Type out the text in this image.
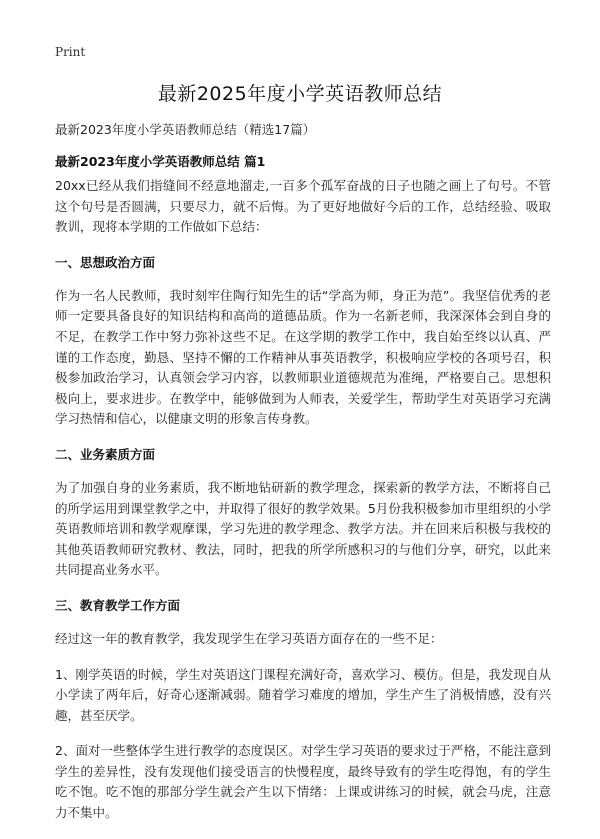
Print
最新2025年度小学英语教师总结
最新2023年度小学英语教师总结（精选17篇）
最新2023年度小学英语教师总结 篇1

20xx已经从我们指缝间不经意地溜走,一百多个孤军奋战的日子也随之画上了句号。不管这个句号是否圆满，只要尽力，就不后悔。为了更好地做好今后的工作，总结经验、吸取教训，现将本学期的工作做如下总结：

一、思想政治方面

作为一名人民教师，我时刻牢住陶行知先生的话“学高为师，身正为范”。我坚信优秀的老师一定要具备良好的知识结构和高尚的道德品质。作为一名新老师，我深深体会到自身的不足，在教学工作中努力弥补这些不足。在这学期的教学工作中，我自始至终以认真、严谨的工作态度，勤恳、坚持不懈的工作精神从事英语教学，积极响应学校的各项号召，积极参加政治学习，认真领会学习内容，以教师职业道德规范为准绳，严格要自己。思想积极向上，要求进步。在教学中，能够做到为人师表，关爱学生，帮助学生对英语学习充满学习热情和信心，以健康文明的形象言传身教。

二、业务素质方面

为了加强自身的业务素质，我不断地钻研新的教学理念，探索新的教学方法，不断将自己的所学运用到课堂教学之中，并取得了很好的教学效果。5月份我积极参加市里组织的小学英语教师培训和教学观摩课，学习先进的教学理念、教学方法。并在回来后积极与我校的其他英语教师研究教材、教法，同时，把我的所学所感积习的与他们分享，研究，以此来共同提高业务水平。

三、教育教学工作方面

经过这一年的教育教学，我发现学生在学习英语方面存在的一些不足：

1、刚学英语的时候，学生对英语这门课程充满好奇，喜欢学习、模仿。但是，我发现自从小学读了两年后，好奇心逐渐减弱。随着学习难度的增加，学生产生了消极情感，没有兴趣，甚至厌学。

2、面对一些整体学生进行教学的态度误区。对学生学习英语的要求过于严格，不能注意到学生的差异性，没有发现他们接受语言的快慢程度，最终导致有的学生吃得饱，有的学生吃不饱。吃不饱的那部分学生就会产生以下情绪：上课或讲练习的时候，就会马虎，注意力不集中。
